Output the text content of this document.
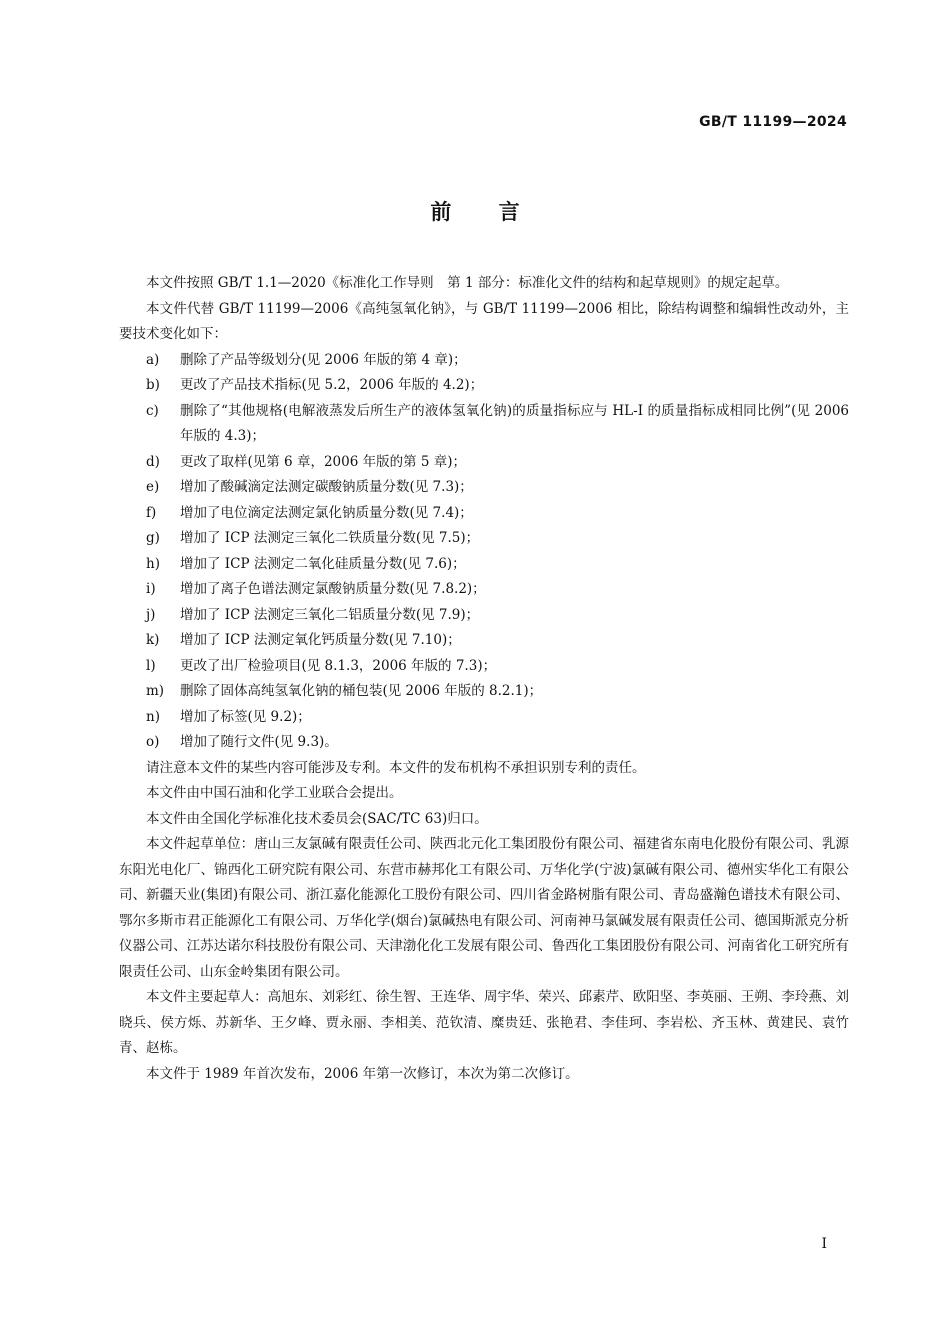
GB/T 11199—2024
前 言

本文件按照 GB/T 1.1—2020《标准化工作导则　第 1 部分：标准化文件的结构和起草规则》的规定起草。

本文件代替 GB/T 11199—2006《高纯氢氧化钠》，与 GB/T 11199—2006 相比，除结构调整和编辑性改动外，主要技术变化如下：

a)	删除了产品等级划分(见 2006 年版的第 4 章)；
b)	更改了产品技术指标(见 5.2，2006 年版的 4.2)；
c)	删除了“其他规格(电解液蒸发后所生产的液体氢氧化钠)的质量指标应与 HL-I 的质量指标成相同比例”(见 2006 年版的 4.3)；
d)	更改了取样(见第 6 章，2006 年版的第 5 章)；
e)	增加了酸碱滴定法测定碳酸钠质量分数(见 7.3)；
f)	增加了电位滴定法测定氯化钠质量分数(见 7.4)；
g)	增加了 ICP 法测定三氧化二铁质量分数(见 7.5)；
h)	增加了 ICP 法测定二氧化硅质量分数(见 7.6)；
i)	增加了离子色谱法测定氯酸钠质量分数(见 7.8.2)；
j)	增加了 ICP 法测定三氧化二铝质量分数(见 7.9)；
k)	增加了 ICP 法测定氧化钙质量分数(见 7.10)；
l)	更改了出厂检验项目(见 8.1.3，2006 年版的 7.3)；
m)	删除了固体高纯氢氧化钠的桶包装(见 2006 年版的 8.2.1)；
n)	增加了标签(见 9.2)；
o)	增加了随行文件(见 9.3)。

请注意本文件的某些内容可能涉及专利。本文件的发布机构不承担识别专利的责任。

本文件由中国石油和化学工业联合会提出。

本文件由全国化学标准化技术委员会(SAC/TC 63)归口。

本文件起草单位：唐山三友氯碱有限责任公司、陕西北元化工集团股份有限公司、福建省东南电化股份有限公司、乳源东阳光电化厂、锦西化工研究院有限公司、东营市赫邦化工有限公司、万华化学(宁波)氯碱有限公司、德州实华化工有限公司、新疆天业(集团)有限公司、浙江嘉化能源化工股份有限公司、四川省金路树脂有限公司、青岛盛瀚色谱技术有限公司、鄂尔多斯市君正能源化工有限公司、万华化学(烟台)氯碱热电有限公司、河南神马氯碱发展有限责任公司、德国斯派克分析仪器公司、江苏达诺尔科技股份有限公司、天津渤化化工发展有限公司、鲁西化工集团股份有限公司、河南省化工研究所有限责任公司、山东金岭集团有限公司。

本文件主要起草人：高旭东、刘彩红、徐生智、王连华、周宇华、荣兴、邱素芹、欧阳坚、李英丽、王朔、李玲燕、刘晓兵、侯方烁、苏新华、王夕峰、贾永丽、李相美、范钦清、糜贵廷、张艳君、李佳珂、李岩松、齐玉林、黄建民、袁竹青、赵栋。

本文件于 1989 年首次发布，2006 年第一次修订，本次为第二次修订。

I
